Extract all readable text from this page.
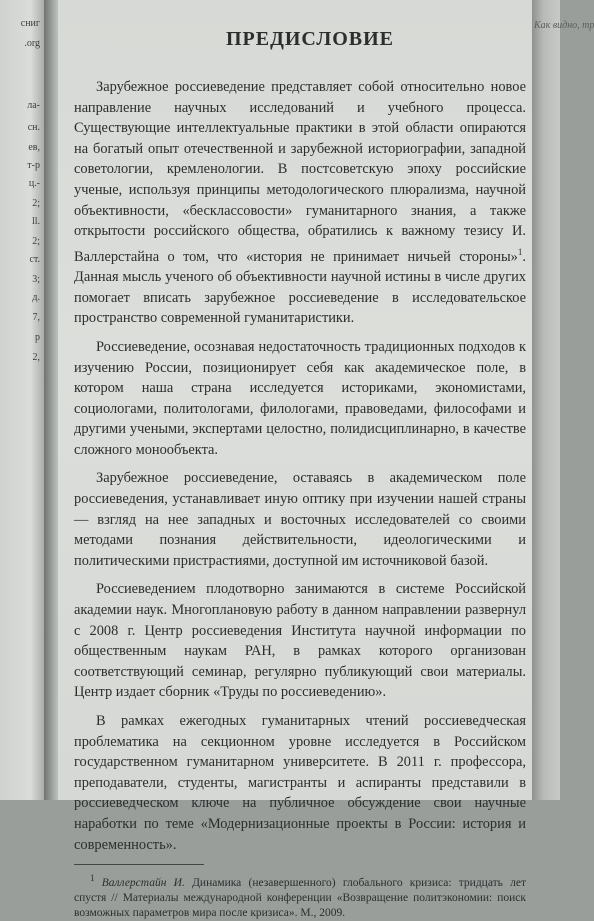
сниг
.org
ла-
сн.
ев,
т-р
ц.-
2;
ll.
2;
ст.
3;
д.
7,
р
2,
Как видно, тр
ПРЕДИСЛОВИЕ

Зарубежное россиеведение представляет собой относительно новое направление научных исследований и учебного процесса. Существующие интеллектуальные практики в этой области опираются на богатый опыт отечественной и зарубежной историографии, западной советологии, кремленологии. В постсоветскую эпоху российские ученые, используя принципы методологического плюрализма, научной объективности, «бесклассовости» гуманитарного знания, а также открытости российского общества, обратились к важному тезису И. Валлерстайна о том, что «история не принимает ничьей стороны»$^1$. Данная мысль ученого об объективности научной истины в числе других помогает вписать зарубежное россиеведение в исследовательское пространство современной гуманитаристики.

Россиеведение, осознавая недостаточность традиционных подходов к изучению России, позиционирует себя как академическое поле, в котором наша страна исследуется историками, экономистами, социологами, политологами, филологами, правоведами, философами и другими учеными, экспертами целостно, полидисциплинарно, в качестве сложного монообъекта.

Зарубежное россиеведение, оставаясь в академическом поле россиеведения, устанавливает иную оптику при изучении нашей страны — взгляд на нее западных и восточных исследователей со своими методами познания действительности, идеологическими и политическими пристрастиями, доступной им источниковой базой.

Россиеведением плодотворно занимаются в системе Российской академии наук. Многоплановую работу в данном направлении развернул с 2008 г. Центр россиеведения Института научной информации по общественным наукам РАН, в рамках которого организован соответствующий семинар, регулярно публикующий свои материалы. Центр издает сборник «Труды по россиеведению».

В рамках ежегодных гуманитарных чтений россиеведческая проблематика на секционном уровне исследуется в Российском государственном гуманитарном университете. В 2011 г. профессора, преподаватели, студенты, магистранты и аспиранты представили в россиеведческом ключе на публичное обсуждение свои научные наработки по теме «Модернизационные проекты в России: история и современность».

$^1$ Валлерстайн И. Динамика (незавершенного) глобального кризиса: тридцать лет спустя // Материалы международной конференции «Возвращение политэкономии: поиск возможных параметров мира после кризиса». М., 2009.
